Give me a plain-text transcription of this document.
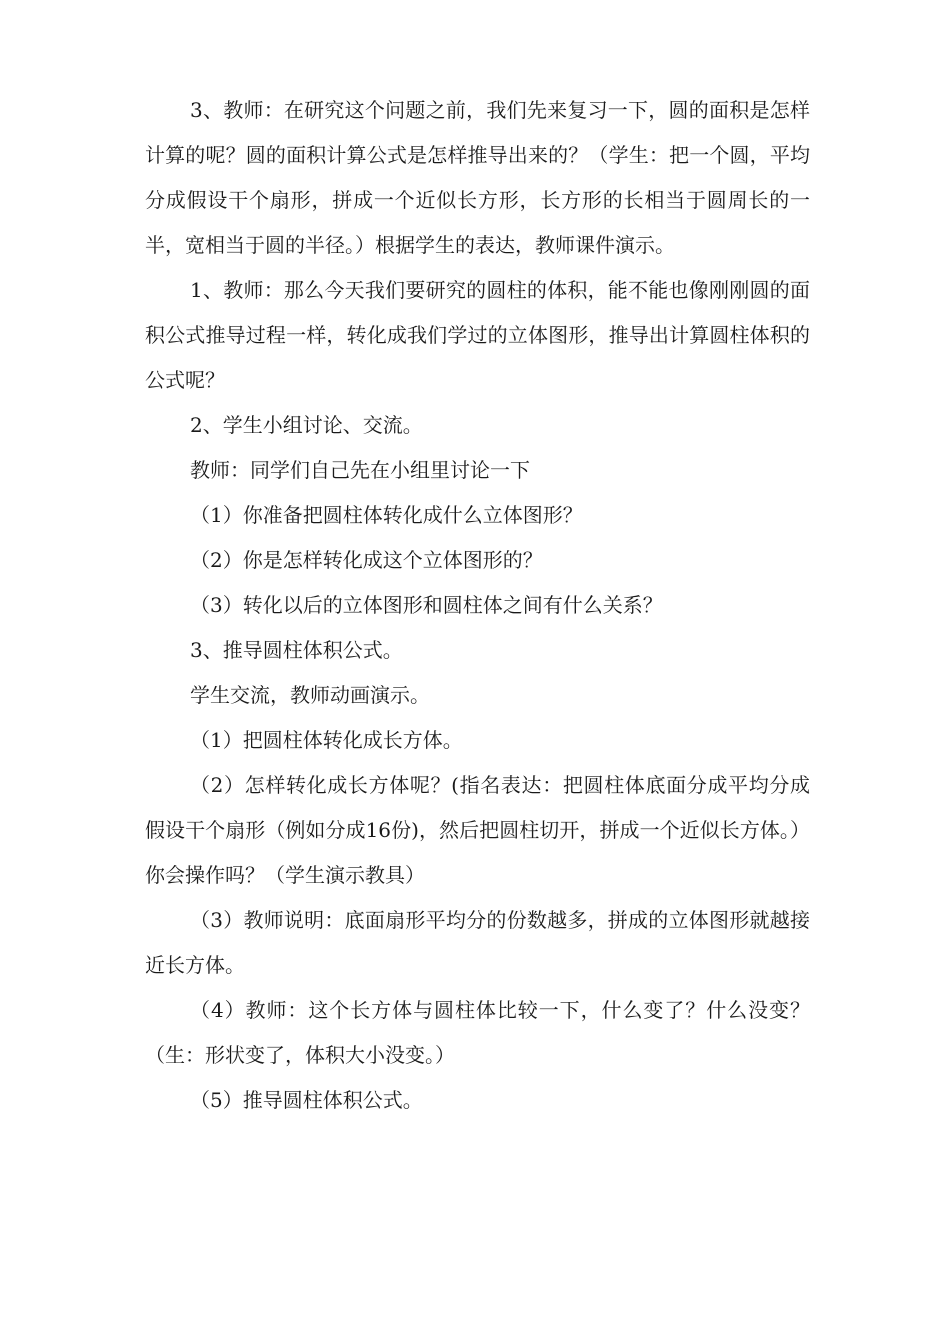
3、教师：在研究这个问题之前，我们先来复习一下，圆的面积是怎样计算的呢？圆的面积计算公式是怎样推导出来的？（学生：把一个圆，平均分成假设干个扇形，拼成一个近似长方形，长方形的长相当于圆周长的一半，宽相当于圆的半径。）根据学生的表达，教师课件演示。

1、教师：那么今天我们要研究的圆柱的体积，能不能也像刚刚圆的面积公式推导过程一样，转化成我们学过的立体图形，推导出计算圆柱体积的公式呢？

2、学生小组讨论、交流。

教师：同学们自己先在小组里讨论一下

（1）你准备把圆柱体转化成什么立体图形？

（2）你是怎样转化成这个立体图形的？

（3）转化以后的立体图形和圆柱体之间有什么关系？

3、推导圆柱体积公式。

学生交流，教师动画演示。

（1）把圆柱体转化成长方体。

（2）怎样转化成长方体呢？(指名表达：把圆柱体底面分成平均分成假设干个扇形（例如分成16份)，然后把圆柱切开，拼成一个近似长方体。）你会操作吗？（学生演示教具）

（3）教师说明：底面扇形平均分的份数越多，拼成的立体图形就越接近长方体。

（4）教师：这个长方体与圆柱体比较一下，什么变了？什么没变？（生：形状变了，体积大小没变。）

（5）推导圆柱体积公式。
